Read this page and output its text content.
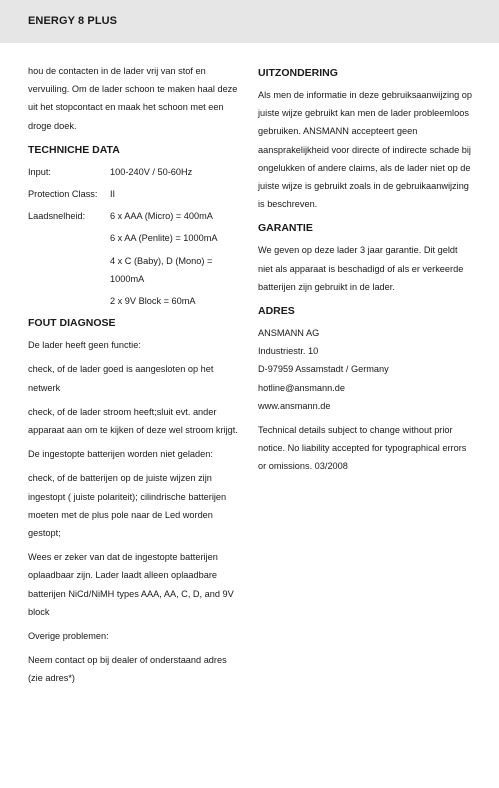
ENERGY 8 PLUS

hou de contacten in de lader vrij van stof en vervuiling. Om de lader schoon te maken haal deze uit het stopcontact en maak het schoon met een droge doek.

TECHNICHE DATA
Input:	100-240V / 50-60Hz
Protection Class:	II
Laadsnelheid:	6 x AAA (Micro) = 400mA
6 x AA (Penlite) = 1000mA
4 x C (Baby), D (Mono) = 1000mA
2 x 9V Block = 60mA
FOUT DIAGNOSE

De lader heeft geen functie:

check, of de lader goed is aangesloten op het netwerk

check, of de lader stroom heeft;sluit evt. ander apparaat aan om te kijken of deze wel stroom krijgt.

De ingestopte batterijen worden niet geladen:

check, of de batterijen op de juiste wijzen zijn ingestopt ( juiste polariteit); cilindrische batterijen moeten met de plus pole naar de Led worden gestopt;

Wees er zeker van dat de ingestopte batterijen oplaadbaar zijn. Lader laadt alleen oplaadbare batterijen NiCd/NiMH types AAA, AA, C, D, and 9V block

Overige problemen:

Neem contact op bij dealer of onderstaand adres (zie adres*)

UITZONDERING

Als men de informatie in deze gebruiksaanwijzing op juiste wijze gebruikt kan men de lader probleemloos gebruiken. ANSMANN accepteert geen aansprakelijkheid voor directe of indirecte schade bij ongelukken of andere claims, als de lader niet op de juiste wijze is gebruikt zoals in de gebruikaanwijzing is beschreven.

GARANTIE

We geven op deze lader 3 jaar garantie. Dit geldt niet als apparaat is beschadigd of als er verkeerde batterijen zijn gebruikt in de lader.

ADRES
ANSMANN AG
Industriestr. 10
D-97959 Assamstadt / Germany
hotline@ansmann.de
www.ansmann.de

Technical details subject to change without prior notice. No liability accepted for typographical errors or omissions. 03/2008
